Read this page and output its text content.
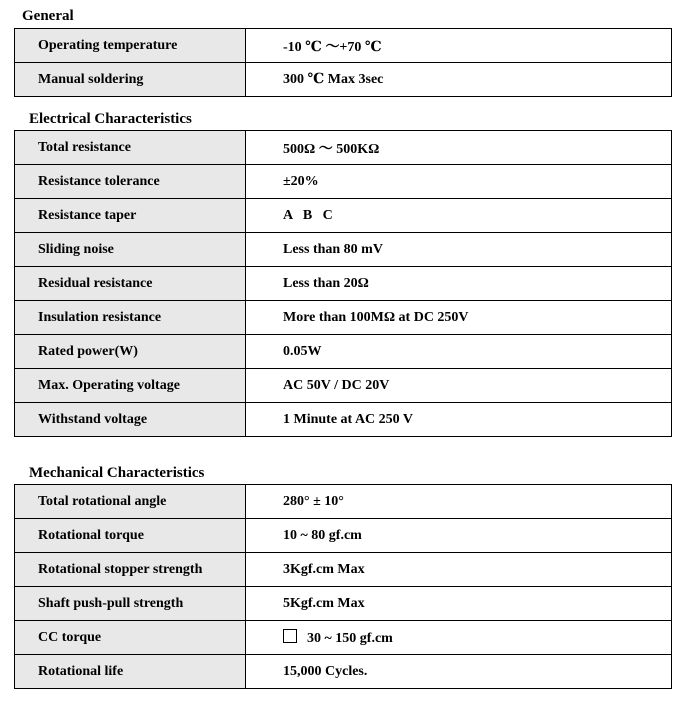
General
Operating temperature	-10 ℃ ～+70 ℃
Manual soldering	300 ℃ Max 3sec
Electrical Characteristics
Total resistance	500Ω ～ 500KΩ
Resistance tolerance	±20%
Resistance taper	A   B   C
Sliding noise	Less than 80 mV
Residual resistance	Less than 20Ω
Insulation resistance	More than 100MΩ at DC 250V
Rated power(W)	0.05W
Max. Operating voltage	AC 50V / DC 20V
Withstand voltage	1 Minute at AC 250 V
Mechanical Characteristics
Total rotational angle	280° ± 10°
Rotational torque	10 ~ 80 gf.cm
Rotational stopper strength	3Kgf.cm Max
Shaft push-pull strength	5Kgf.cm Max
CC torque	30 ~ 150 gf.cm
Rotational life	15,000 Cycles.
